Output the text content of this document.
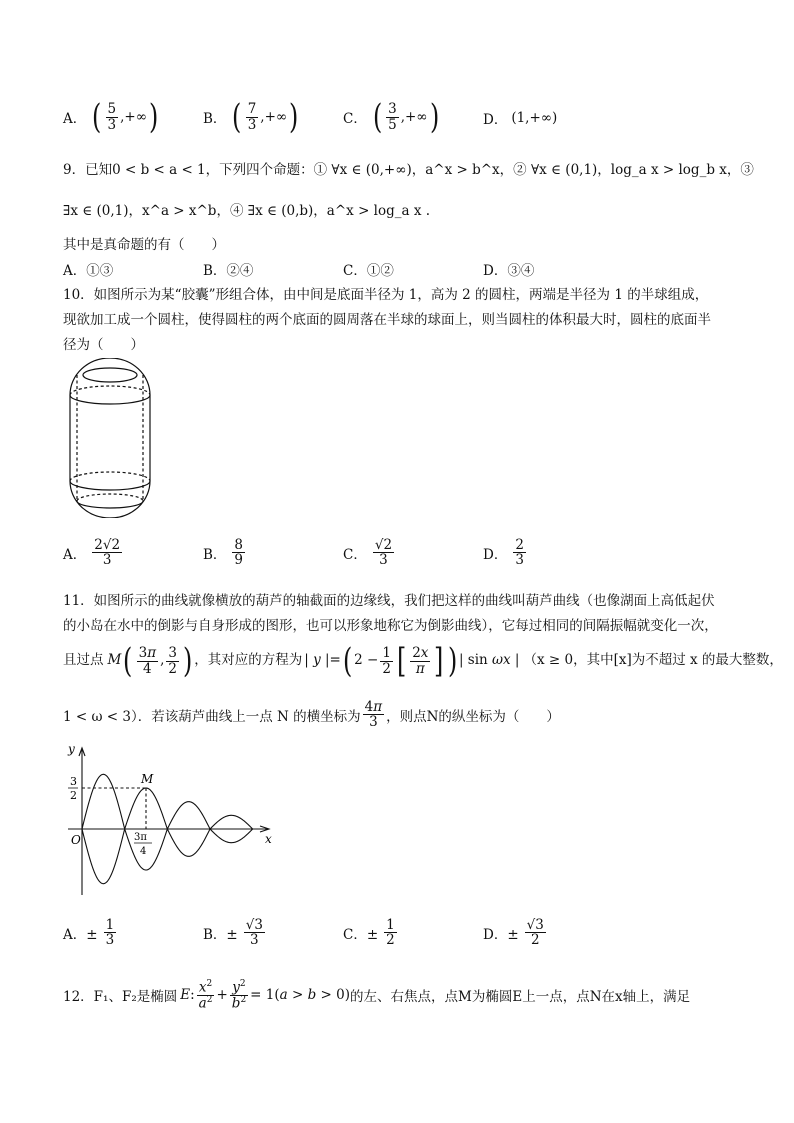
A． ( $\frac{5}{3}$ ,+∞ )	B． ( $\frac{7}{3}$ ,+∞ )	C． ( $\frac{3}{5}$ ,+∞ )	D． (1,+∞)
9．已知0 < b < a < 1，下列四个命题：① ∀x ∈ (0,+∞)，a^x > b^x，② ∀x ∈ (0,1)，log_a x > log_b x，③
∃x ∈ (0,1)，x^a > x^b，④ ∃x ∈ (0,b)，a^x > log_a x .
其中是真命题的有（　　）
A．①③	B．②④	C．①②	D．③④
10．如图所示为某“胶囊”形组合体，由中间是底面半径为 1，高为 2 的圆柱，两端是半径为 1 的半球组成，
现欲加工成一个圆柱，使得圆柱的两个底面的圆周落在半球的球面上，则当圆柱的体积最大时，圆柱的底面半
径为（　　）
A． $\frac{2√2}{3}$	B． $\frac{8}{9}$	C． $\frac{√2}{3}$	D． $\frac{2}{3}$
11．如图所示的曲线就像横放的葫芦的轴截面的边缘线，我们把这样的曲线叫葫芦曲线（也像湖面上高低起伏
的小岛在水中的倒影与自身形成的图形，也可以形象地称它为倒影曲线），它每过相同的间隔振幅就变化一次，
且过点 M ( $\frac{3\pi}{4}$ , $\frac{3}{2}$ ) ，其对应的方程为 | y |= ( $2 - \frac{1}{2}$ [ $\frac{2x}{\pi}$ ] ) | sin ωx | （x ≥ 0，其中[x]为不超过 x 的最大整数，
1 < ω < 3）．若该葫芦曲线上一点 N 的横坐标为 $\frac{4\pi}{3}$ ，则点N的纵坐标为（　　）
y
x
O
M
3
2
3π
4
A．± $\frac{1}{3}$	B．± $\frac{√3}{3}$	C．± $\frac{1}{2}$	D．± $\frac{√3}{2}$
12．F₁、F₂是椭圆 E: $\frac{x^2}{a^2} + \frac{y^2}{b^2} = 1(a > b > 0)$ 的左、右焦点，点M为椭圆E上一点，点N在x轴上，满足
